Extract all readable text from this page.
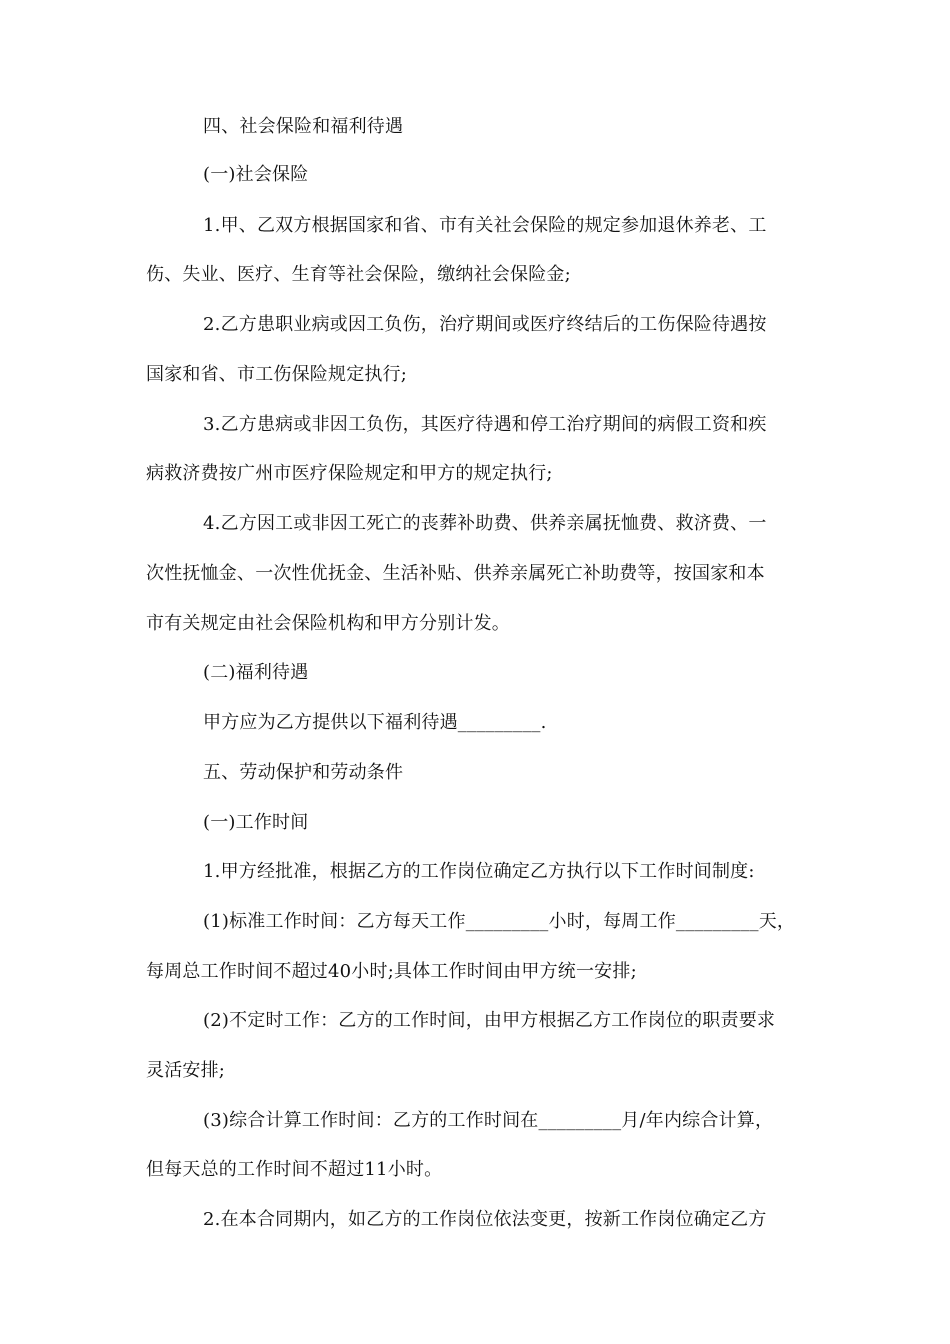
四、社会保险和福利待遇
(一)社会保险
1.甲、乙双方根据国家和省、市有关社会保险的规定参加退休养老、工
伤、失业、医疗、生育等社会保险，缴纳社会保险金;
2.乙方患职业病或因工负伤，治疗期间或医疗终结后的工伤保险待遇按
国家和省、市工伤保险规定执行;
3.乙方患病或非因工负伤，其医疗待遇和停工治疗期间的病假工资和疾
病救济费按广州市医疗保险规定和甲方的规定执行;
4.乙方因工或非因工死亡的丧葬补助费、供养亲属抚恤费、救济费、一
次性抚恤金、一次性优抚金、生活补贴、供养亲属死亡补助费等，按国家和本
市有关规定由社会保险机构和甲方分别计发。
(二)福利待遇
甲方应为乙方提供以下福利待遇_________.
五、劳动保护和劳动条件
(一)工作时间
1.甲方经批准，根据乙方的工作岗位确定乙方执行以下工作时间制度:
(1)标准工作时间：乙方每天工作_________小时，每周工作_________天，
每周总工作时间不超过40小时;具体工作时间由甲方统一安排;
(2)不定时工作：乙方的工作时间，由甲方根据乙方工作岗位的职责要求
灵活安排;
(3)综合计算工作时间：乙方的工作时间在_________月/年内综合计算，
但每天总的工作时间不超过11小时。
2.在本合同期内，如乙方的工作岗位依法变更，按新工作岗位确定乙方
